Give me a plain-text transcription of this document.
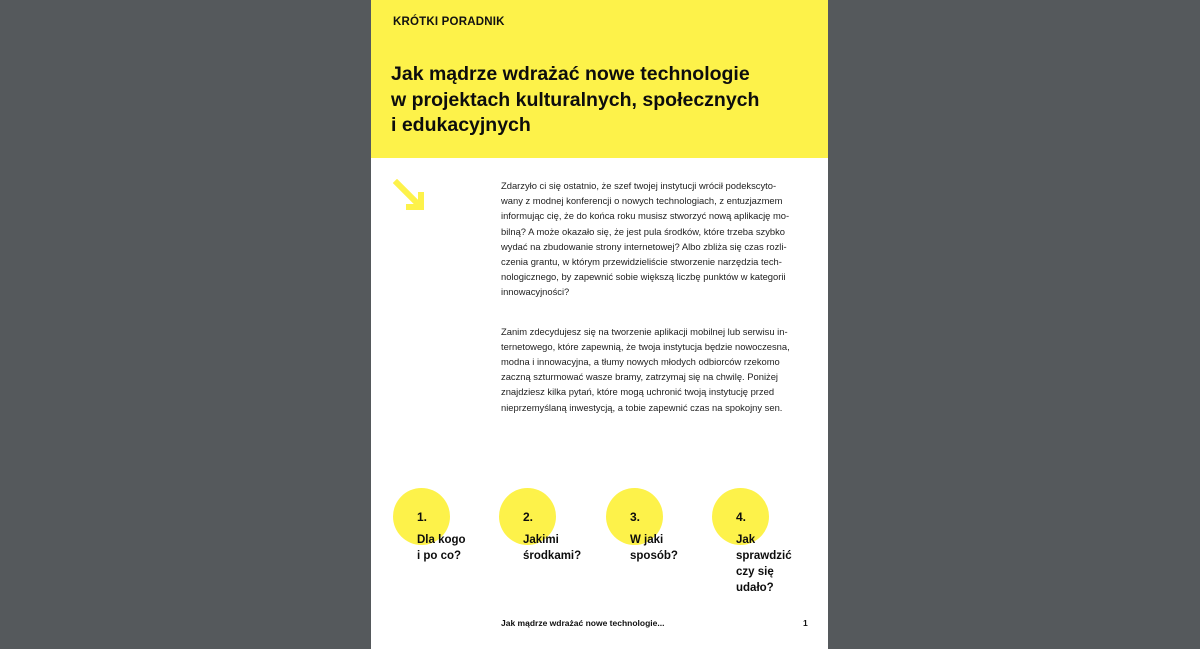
KRÓTKI PORADNIK
Jak mądrze wdrażać nowe technologie
w projektach kulturalnych, społecznych
i edukacyjnych

Zdarzyło ci się ostatnio, że szef twojej instytucji wrócił podekscyto-
wany z modnej konferencji o nowych technologiach, z entuzjazmem
informując cię, że do końca roku musisz stworzyć nową aplikację mo-
bilną? A może okazało się, że jest pula środków, które trzeba szybko
wydać na zbudowanie strony internetowej? Albo zbliża się czas rozli-
czenia grantu, w którym przewidzieliście stworzenie narzędzia tech-
nologicznego, by zapewnić sobie większą liczbę punktów w kategorii
innowacyjności?

Zanim zdecydujesz się na tworzenie aplikacji mobilnej lub serwisu in-
ternetowego, które zapewnią, że twoja instytucja będzie nowoczesna,
modna i innowacyjna, a tłumy nowych młodych odbiorców rzekomo
zaczną szturmować wasze bramy, zatrzymaj się na chwilę. Poniżej
znajdziesz kilka pytań, które mogą uchronić twoją instytucję przed
nieprzemyślaną inwestycją, a tobie zapewnić czas na spokojny sen.

1.
Dla kogo
i po co?
2.
Jakimi
środkami?
3.
W jaki
sposób?
4.
Jak
sprawdzić
czy się
udało?
Jak mądrze wdrażać nowe technologie...	1
